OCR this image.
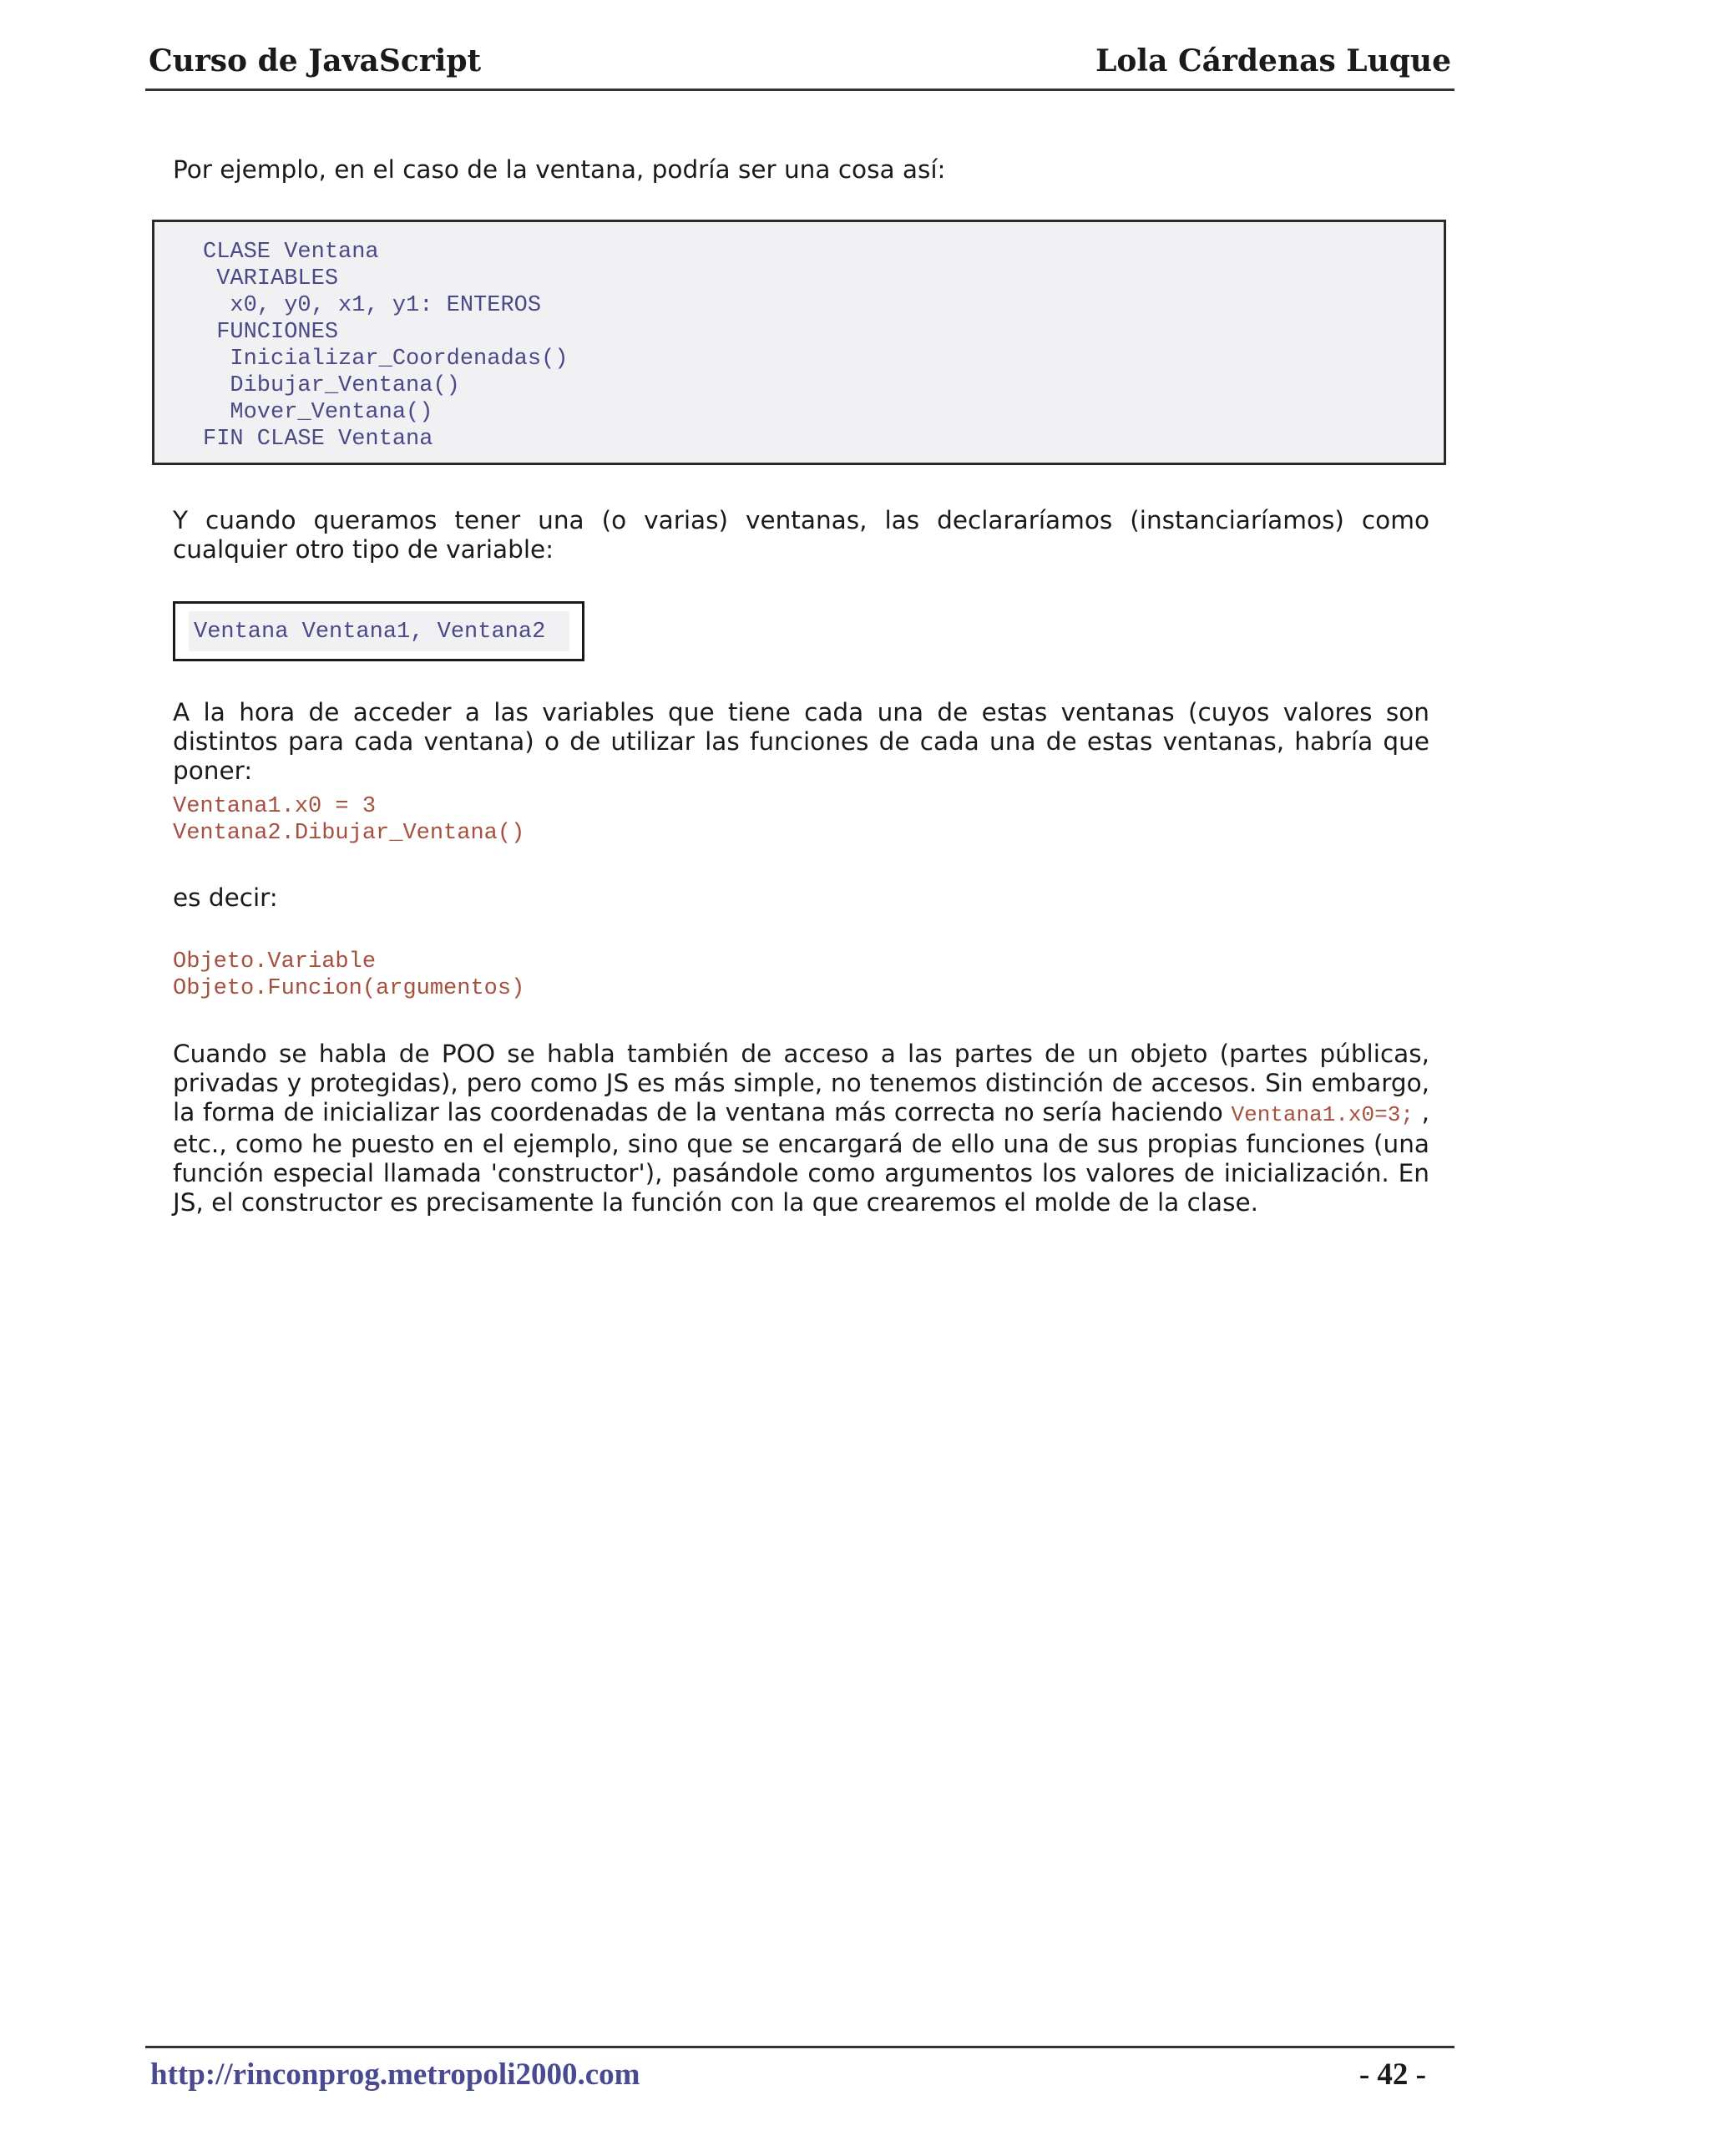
Curso de JavaScript	Lola Cárdenas Luque
Por ejemplo, en el caso de la ventana, podría ser una cosa así:
CLASE Ventana
VARIABLES
x0, y0, x1, y1: ENTEROS
FUNCIONES
Inicializar_Coordenadas()
Dibujar_Ventana()
Mover_Ventana()
FIN CLASE Ventana
Y cuando queramos tener una (o varias) ventanas, las declararíamos (instanciaríamos) como cualquier otro tipo de variable:
Ventana Ventana1, Ventana2
A la hora de acceder a las variables que tiene cada una de estas ventanas (cuyos valores son distintos para cada ventana) o de utilizar las funciones de cada una de estas ventanas, habría que poner:
Ventana1.x0 = 3
Ventana2.Dibujar_Ventana()
es decir:
Objeto.Variable
Objeto.Funcion(argumentos)
Cuando se habla de POO se habla también de acceso a las partes de un objeto (partes públicas, privadas y protegidas), pero como JS es más simple, no tenemos distinción de accesos. Sin embargo, la forma de inicializar las coordenadas de la ventana más correcta no sería haciendo Ventana1.x0=3; , etc., como he puesto en el ejemplo, sino que se encargará de ello una de sus propias funciones (una función especial llamada 'constructor'), pasándole como argumentos los valores de inicialización. En JS, el constructor es precisamente la función con la que crearemos el molde de la clase.
http://rinconprog.metropoli2000.com	- 42 -
